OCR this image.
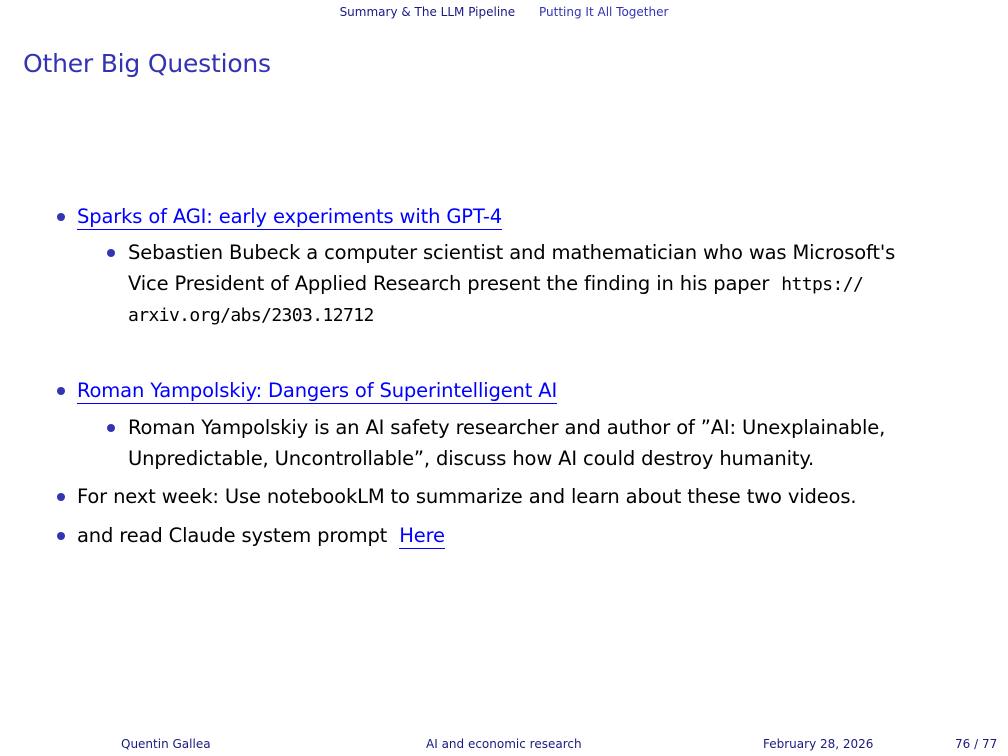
Summary & The LLM Pipeline Putting It All Together
Other Big Questions
Sparks of AGI: early experiments with GPT-4
Sebastien Bubeck a computer scientist and mathematician who was Microsoft's
Vice President of Applied Research present the finding in his paper https://
arxiv.org/abs/2303.12712
Roman Yampolskiy: Dangers of Superintelligent AI
Roman Yampolskiy is an AI safety researcher and author of ”AI: Unexplainable,
Unpredictable, Uncontrollable”, discuss how AI could destroy humanity.
For next week: Use notebookLM to summarize and learn about these two videos.
and read Claude system prompt Here
Quentin Gallea	AI and economic research	February 28, 2026	76 / 77
